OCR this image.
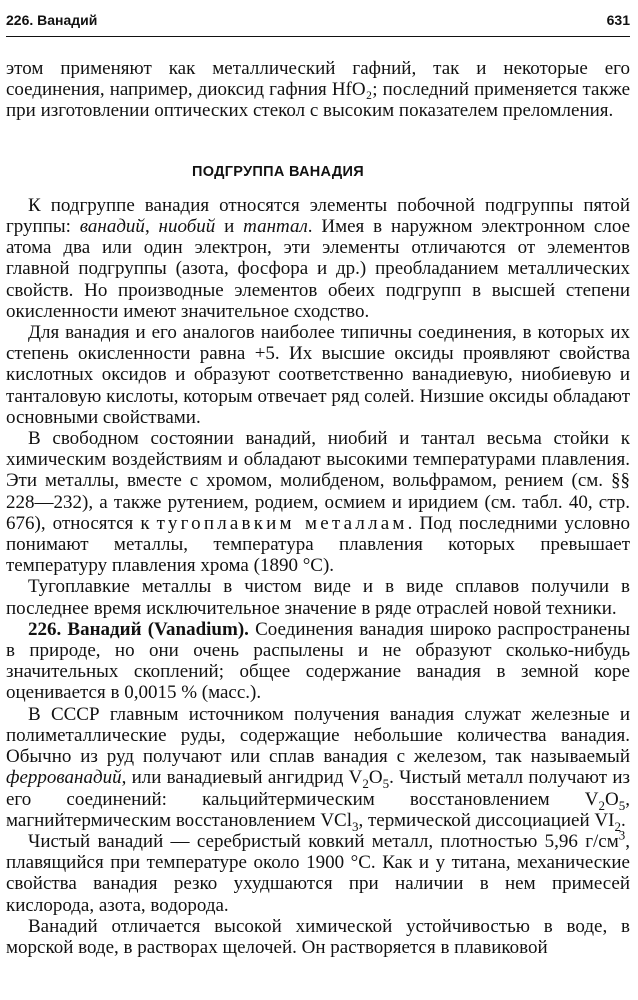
226. Ванадий	631

этом применяют как металлический гафний, так и некоторые его соединения, например, диоксид гафния HfO₂; последний применяется также при изготовлении оптических стекол с высоким показателем преломления.

ПОДГРУППА ВАНАДИЯ

К подгруппе ванадия относятся элементы побочной подгруппы пятой группы: ванадий, ниобий и тантал. Имея в наружном электронном слое атома два или один электрон, эти элементы отличаются от элементов главной подгруппы (азота, фосфора и др.) преобладанием металлических свойств. Но производные элементов обеих подгрупп в высшей степени окисленности имеют значительное сходство.

Для ванадия и его аналогов наиболее типичны соединения, в которых их степень окисленности равна +5. Их высшие оксиды проявляют свойства кислотных оксидов и образуют соответственно ванадиевую, ниобиевую и танталовую кислоты, которым отвечает ряд солей. Низшие оксиды обладают основными свойствами.

В свободном состоянии ванадий, ниобий и тантал весьма стойки к химическим воздействиям и обладают высокими температурами плавления. Эти металлы, вместе с хромом, молибденом, вольфрамом, рением (см. §§ 228—232), а также рутением, родием, осмием и иридием (см. табл. 40, стр. 676), относятся к тугоплавким металлам. Под последними условно понимают металлы, температура плавления которых превышает температуру плавления хрома (1890 °C).

Тугоплавкие металлы в чистом виде и в виде сплавов получили в последнее время исключительное значение в ряде отраслей новой техники.

226. Ванадий (Vanadium). Соединения ванадия широко распространены в природе, но они очень распылены и не образуют сколько-нибудь значительных скоплений; общее содержание ванадия в земной коре оценивается в 0,0015 % (масс.).

В СССР главным источником получения ванадия служат железные и полиметаллические руды, содержащие небольшие количества ванадия. Обычно из руд получают или сплав ванадия с железом, так называемый феррованадий, или ванадиевый ангидрид $V_2O_5$. Чистый металл получают из его соединений: кальцийтермическим восстановлением $V_2O_5$, магнийтермическим восстановлением VCl$_3$, термической диссоциацией $VI_2$.

Чистый ванадий — серебристый ковкий металл, плотностью 5,96 $г/см^3$, плавящийся при температуре около 1900 °C. Как и у титана, механические свойства ванадия резко ухудшаются при наличии в нем примесей кислорода, азота, водорода.

Ванадий отличается высокой химической устойчивостью в воде, в морской воде, в растворах щелочей. Он растворяется в плавиковой
